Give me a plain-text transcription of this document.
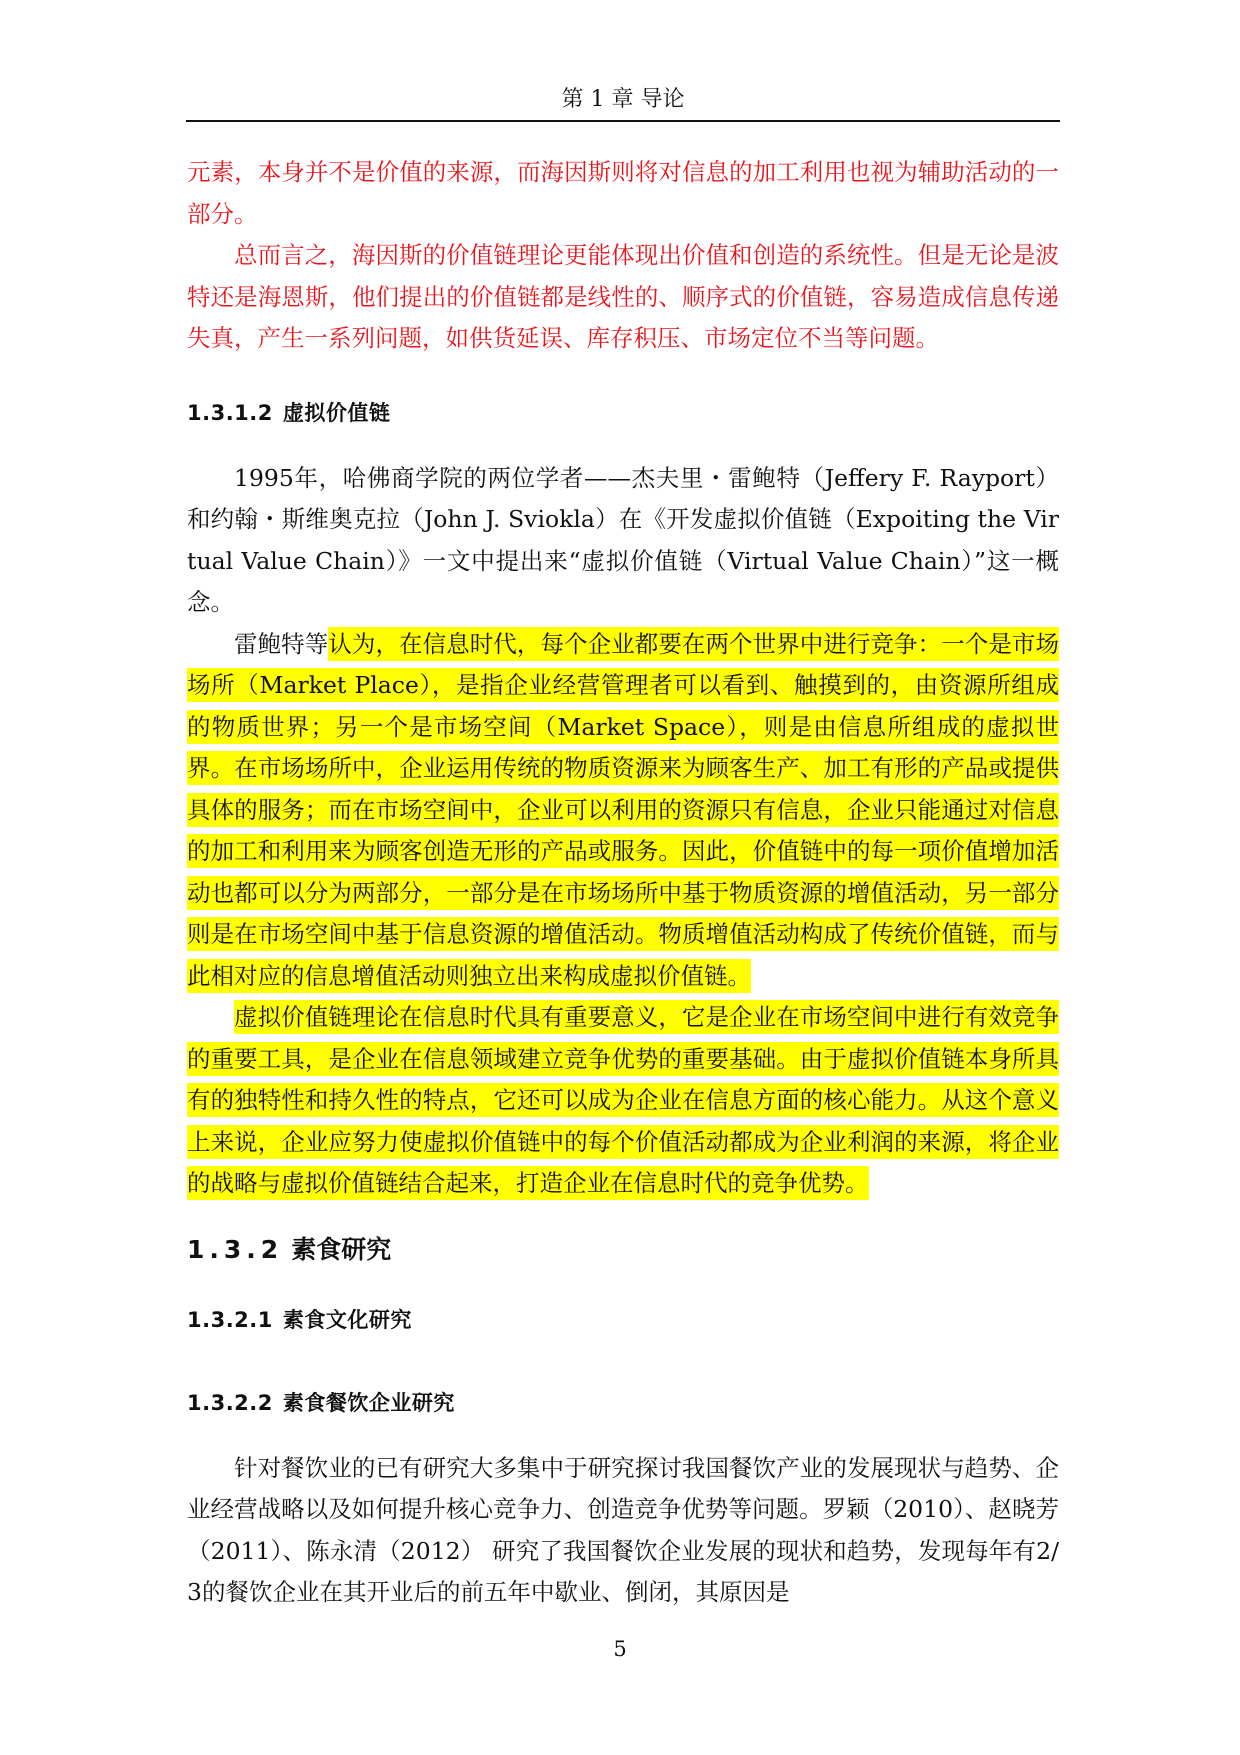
第 1 章 导论

元素，本身并不是价值的来源，而海因斯则将对信息的加工利用也视为辅助活动的一部分。

总而言之，海因斯的价值链理论更能体现出价值和创造的系统性。但是无论是波特还是海恩斯，他们提出的价值链都是线性的、顺序式的价值链，容易造成信息传递失真，产生一系列问题，如供货延误、库存积压、市场定位不当等问题。

1.3.1.2 虚拟价值链

1995年，哈佛商学院的两位学者——杰夫里・雷鲍特（Jeffery F. Rayport）和约翰・斯维奥克拉（John J. Sviokla）在《开发虚拟价值链（Expoiting the Virtual Value Chain）》一文中提出来“虚拟价值链（Virtual Value Chain）”这一概念。

雷鲍特等认为，在信息时代，每个企业都要在两个世界中进行竞争：一个是市场场所（Market Place），是指企业经营管理者可以看到、触摸到的，由资源所组成的物质世界；另一个是市场空间（Market Space），则是由信息所组成的虚拟世界。在市场场所中，企业运用传统的物质资源来为顾客生产、加工有形的产品或提供具体的服务；而在市场空间中，企业可以利用的资源只有信息，企业只能通过对信息的加工和利用来为顾客创造无形的产品或服务。因此，价值链中的每一项价值增加活动也都可以分为两部分，一部分是在市场场所中基于物质资源的增值活动，另一部分则是在市场空间中基于信息资源的增值活动。物质增值活动构成了传统价值链，而与此相对应的信息增值活动则独立出来构成虚拟价值链。

虚拟价值链理论在信息时代具有重要意义，它是企业在市场空间中进行有效竞争的重要工具，是企业在信息领域建立竞争优势的重要基础。由于虚拟价值链本身所具有的独特性和持久性的特点，它还可以成为企业在信息方面的核心能力。从这个意义上来说，企业应努力使虚拟价值链中的每个价值活动都成为企业利润的来源，将企业的战略与虚拟价值链结合起来，打造企业在信息时代的竞争优势。

1.3.2 素食研究
1.3.2.1 素食文化研究
1.3.2.2 素食餐饮企业研究

针对餐饮业的已有研究大多集中于研究探讨我国餐饮产业的发展现状与趋势、企业经营战略以及如何提升核心竞争力、创造竞争优势等问题。罗颖（2010）、赵晓芳（2011）、陈永清（2012） 研究了我国餐饮企业发展的现状和趋势，发现每年有2/3的餐饮企业在其开业后的前五年中歇业、倒闭，其原因是

5
